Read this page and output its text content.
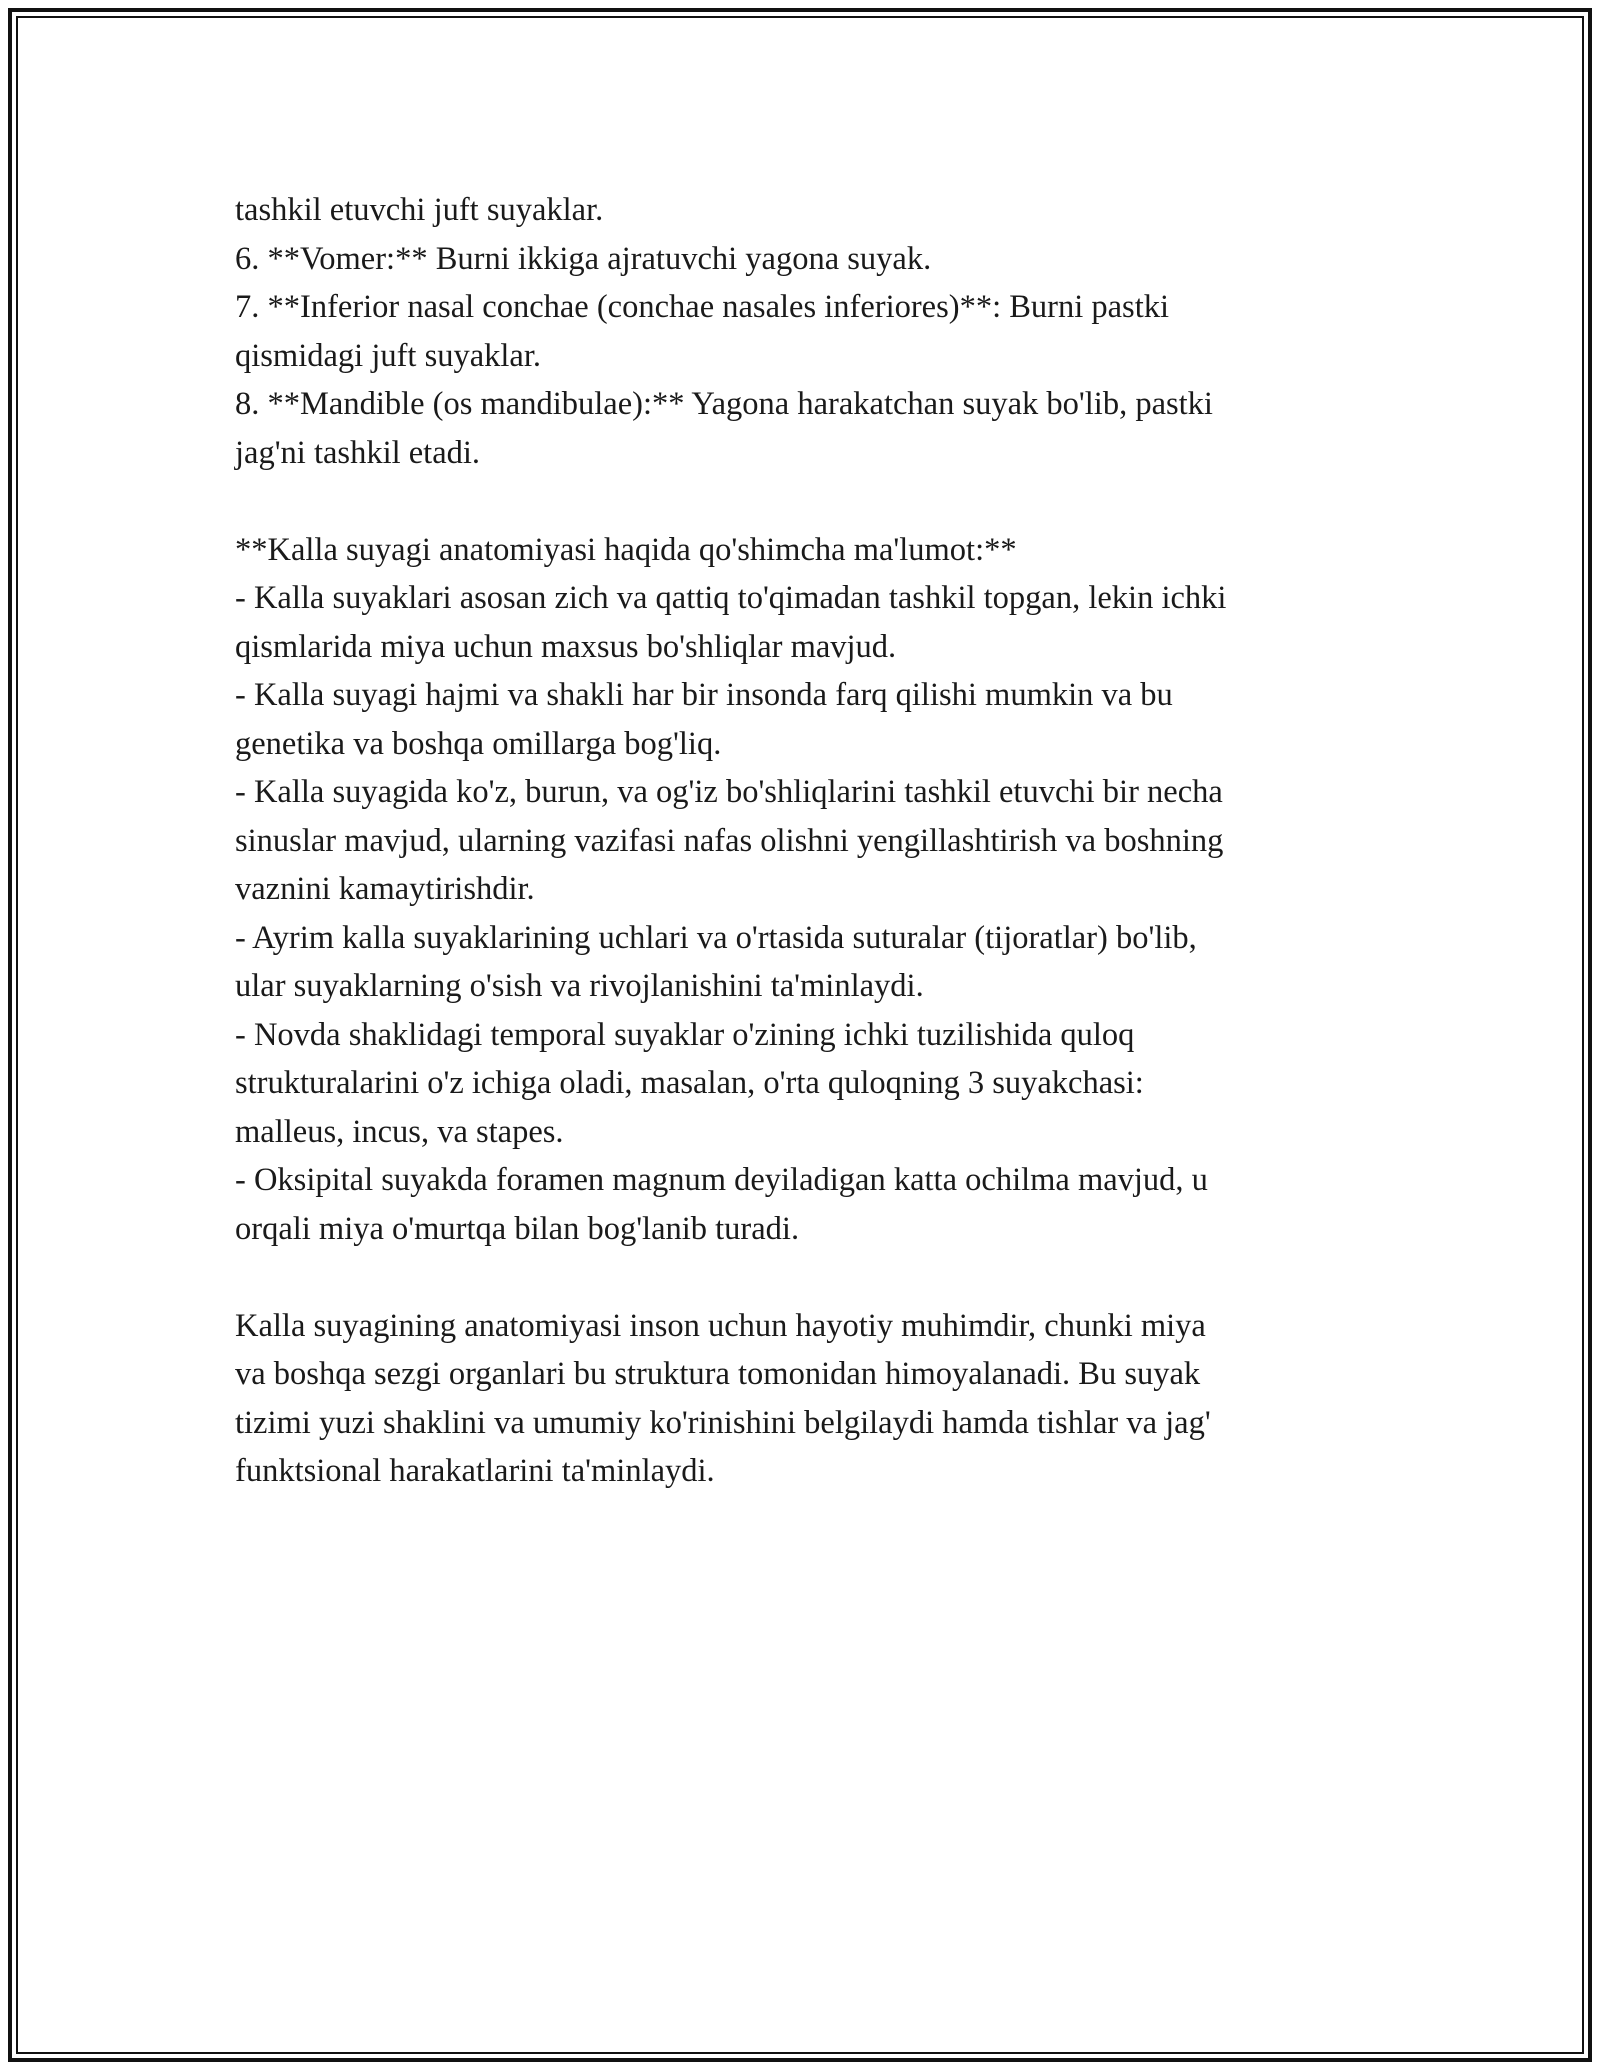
tashkil etuvchi juft suyaklar.

6. **Vomer:** Burni ikkiga ajratuvchi yagona suyak.

7. **Inferior nasal conchae (conchae nasales inferiores)**: Burni pastki

qismidagi juft suyaklar.

8. **Mandible (os mandibulae):** Yagona harakatchan suyak bo'lib, pastki

jag'ni tashkil etadi.

**Kalla suyagi anatomiyasi haqida qo'shimcha ma'lumot:**

- Kalla suyaklari asosan zich va qattiq to'qimadan tashkil topgan, lekin ichki

qismlarida miya uchun maxsus bo'shliqlar mavjud.

- Kalla suyagi hajmi va shakli har bir insonda farq qilishi mumkin va bu

genetika va boshqa omillarga bog'liq.

- Kalla suyagida ko'z, burun, va og'iz bo'shliqlarini tashkil etuvchi bir necha

sinuslar mavjud, ularning vazifasi nafas olishni yengillashtirish va boshning

vaznini kamaytirishdir.

- Ayrim kalla suyaklarining uchlari va o'rtasida suturalar (tijoratlar) bo'lib,

ular suyaklarning o'sish va rivojlanishini ta'minlaydi.

- Novda shaklidagi temporal suyaklar o'zining ichki tuzilishida quloq

strukturalarini o'z ichiga oladi, masalan, o'rta quloqning 3 suyakchasi:

malleus, incus, va stapes.

- Oksipital suyakda foramen magnum deyiladigan katta ochilma mavjud, u

orqali miya o'murtqa bilan bog'lanib turadi.

Kalla suyagining anatomiyasi inson uchun hayotiy muhimdir, chunki miya

va boshqa sezgi organlari bu struktura tomonidan himoyalanadi. Bu suyak

tizimi yuzi shaklini va umumiy ko'rinishini belgilaydi hamda tishlar va jag'

funktsional harakatlarini ta'minlaydi.
